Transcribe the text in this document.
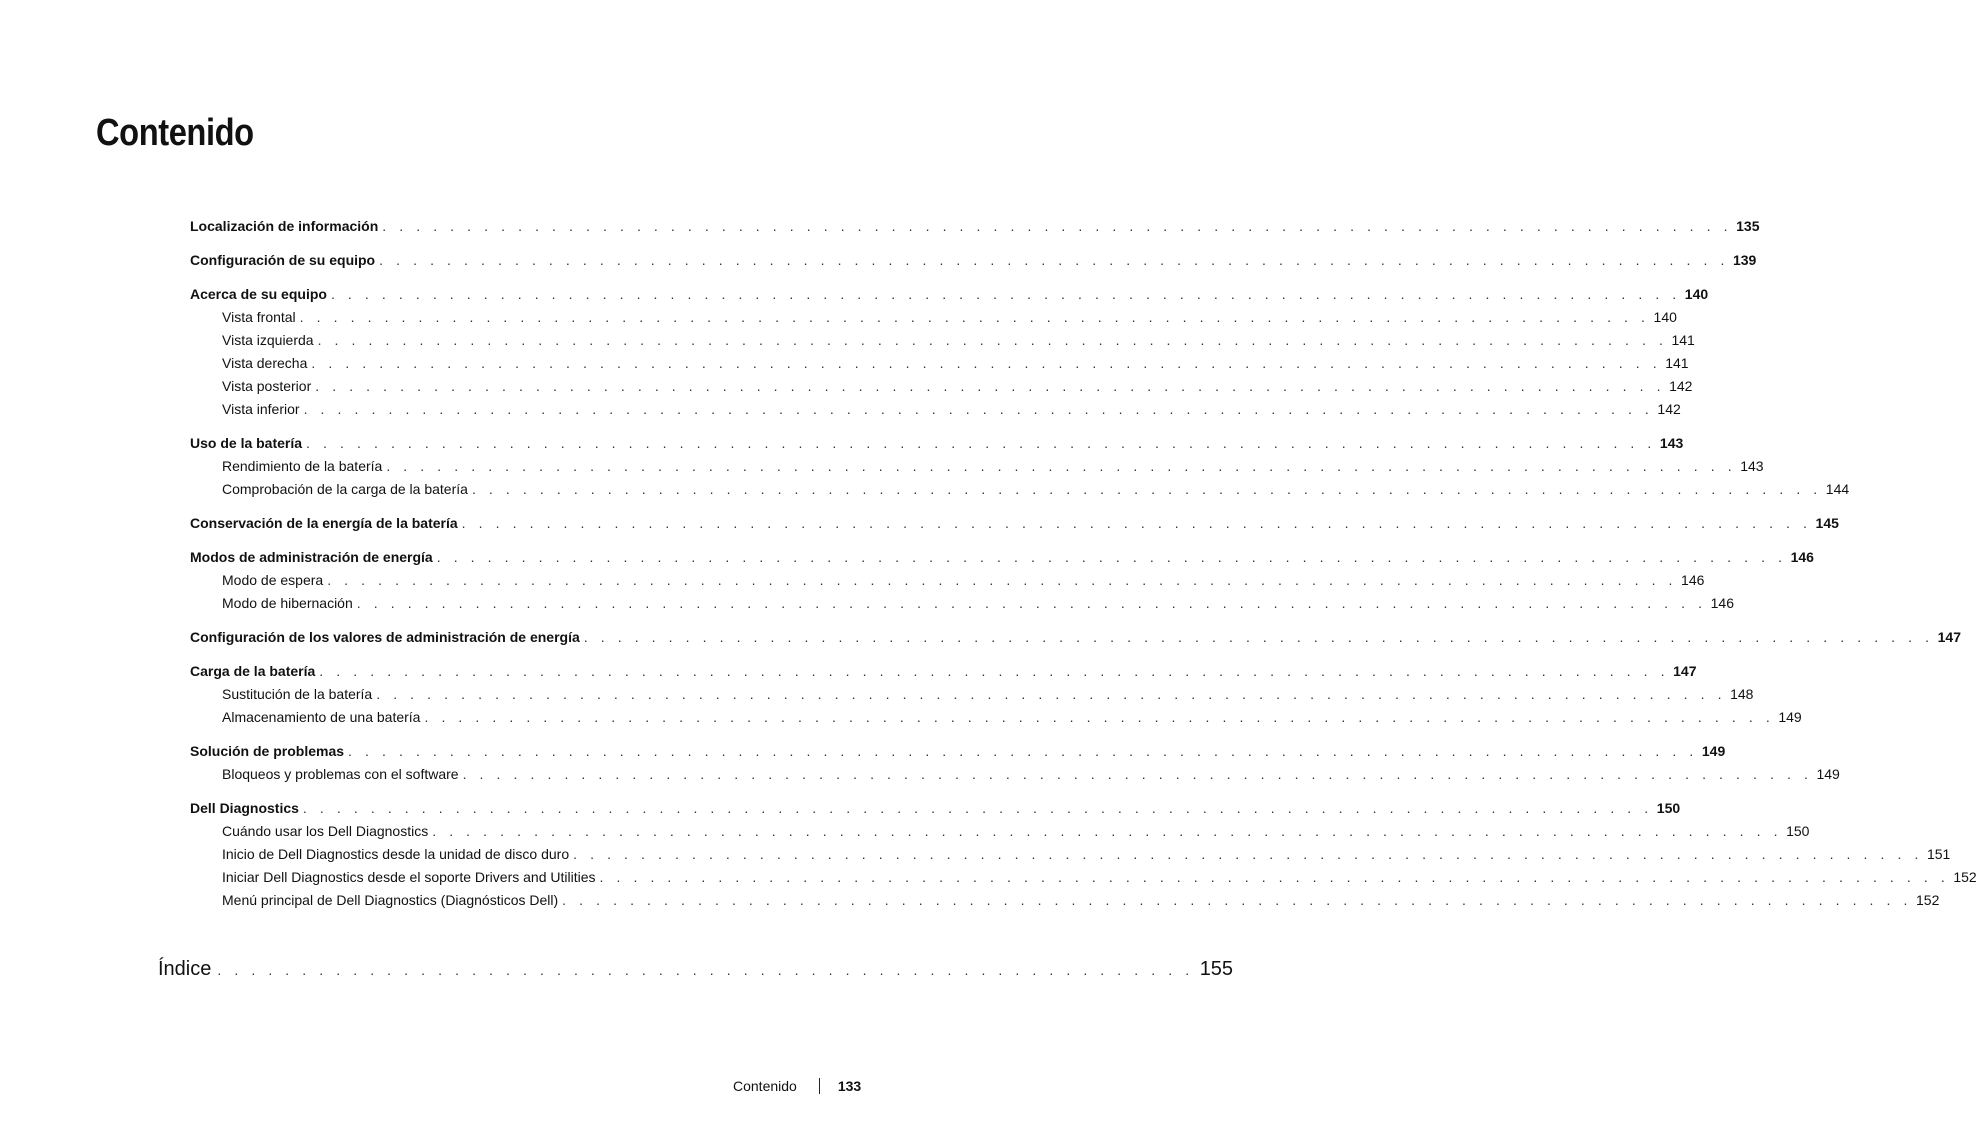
Contenido
Localización de información . . . . . . . . . . . . . . . . . . . . . . . . . . . . . . . . . . . . . . . . . . . . . . . . . . . . . . . . . . . . . . . . . . . . . . . . . . . . . . . . 135
Configuración de su equipo . . . . . . . . . . . . . . . . . . . . . . . . . . . . . . . . . . . . . . . . . . . . . . . . . . . . . . . . . . . . . . . . . . . . . . . . . . . . . . . . 139
Acerca de su equipo . . . . . . . . . . . . . . . . . . . . . . . . . . . . . . . . . . . . . . . . . . . . . . . . . . . . . . . . . . . . . . . . . . . . . . . . . . . . . . . . 140
Vista frontal . . . . . . . . . . . . . . . . . . . . . . . . . . . . . . . . . . . . . . . . . . . . . . . . . . . . . . . . . . . . . . . . . . . . . . . . . . . . . . . . 140
Vista izquierda . . . . . . . . . . . . . . . . . . . . . . . . . . . . . . . . . . . . . . . . . . . . . . . . . . . . . . . . . . . . . . . . . . . . . . . . . . . . . . . . 141
Vista derecha . . . . . . . . . . . . . . . . . . . . . . . . . . . . . . . . . . . . . . . . . . . . . . . . . . . . . . . . . . . . . . . . . . . . . . . . . . . . . . . . 141
Vista posterior . . . . . . . . . . . . . . . . . . . . . . . . . . . . . . . . . . . . . . . . . . . . . . . . . . . . . . . . . . . . . . . . . . . . . . . . . . . . . . . . 142
Vista inferior . . . . . . . . . . . . . . . . . . . . . . . . . . . . . . . . . . . . . . . . . . . . . . . . . . . . . . . . . . . . . . . . . . . . . . . . . . . . . . . . 142
Uso de la batería . . . . . . . . . . . . . . . . . . . . . . . . . . . . . . . . . . . . . . . . . . . . . . . . . . . . . . . . . . . . . . . . . . . . . . . . . . . . . . . . 143
Rendimiento de la batería . . . . . . . . . . . . . . . . . . . . . . . . . . . . . . . . . . . . . . . . . . . . . . . . . . . . . . . . . . . . . . . . . . . . . . . . . . . . . . . . 143
Comprobación de la carga de la batería . . . . . . . . . . . . . . . . . . . . . . . . . . . . . . . . . . . . . . . . . . . . . . . . . . . . . . . . . . . . . . . . . . . . . . . . . . . . . . . . 144
Conservación de la energía de la batería . . . . . . . . . . . . . . . . . . . . . . . . . . . . . . . . . . . . . . . . . . . . . . . . . . . . . . . . . . . . . . . . . . . . . . . . . . . . . . . . 145
Modos de administración de energía . . . . . . . . . . . . . . . . . . . . . . . . . . . . . . . . . . . . . . . . . . . . . . . . . . . . . . . . . . . . . . . . . . . . . . . . . . . . . . . . 146
Modo de espera . . . . . . . . . . . . . . . . . . . . . . . . . . . . . . . . . . . . . . . . . . . . . . . . . . . . . . . . . . . . . . . . . . . . . . . . . . . . . . . . 146
Modo de hibernación . . . . . . . . . . . . . . . . . . . . . . . . . . . . . . . . . . . . . . . . . . . . . . . . . . . . . . . . . . . . . . . . . . . . . . . . . . . . . . . . 146
Configuración de los valores de administración de energía . . . . . . . . . . . . . . . . . . . . . . . . . . . . . . . . . . . . . . . . . . . . . . . . . . . . . . . . . . . . . . . . . . . . . . . . . . . . . . . . 147
Carga de la batería . . . . . . . . . . . . . . . . . . . . . . . . . . . . . . . . . . . . . . . . . . . . . . . . . . . . . . . . . . . . . . . . . . . . . . . . . . . . . . . . 147
Sustitución de la batería . . . . . . . . . . . . . . . . . . . . . . . . . . . . . . . . . . . . . . . . . . . . . . . . . . . . . . . . . . . . . . . . . . . . . . . . . . . . . . . . 148
Almacenamiento de una batería . . . . . . . . . . . . . . . . . . . . . . . . . . . . . . . . . . . . . . . . . . . . . . . . . . . . . . . . . . . . . . . . . . . . . . . . . . . . . . . . 149
Solución de problemas . . . . . . . . . . . . . . . . . . . . . . . . . . . . . . . . . . . . . . . . . . . . . . . . . . . . . . . . . . . . . . . . . . . . . . . . . . . . . . . . 149
Bloqueos y problemas con el software . . . . . . . . . . . . . . . . . . . . . . . . . . . . . . . . . . . . . . . . . . . . . . . . . . . . . . . . . . . . . . . . . . . . . . . . . . . . . . . . 149
Dell Diagnostics . . . . . . . . . . . . . . . . . . . . . . . . . . . . . . . . . . . . . . . . . . . . . . . . . . . . . . . . . . . . . . . . . . . . . . . . . . . . . . . . 150
Cuándo usar los Dell Diagnostics . . . . . . . . . . . . . . . . . . . . . . . . . . . . . . . . . . . . . . . . . . . . . . . . . . . . . . . . . . . . . . . . . . . . . . . . . . . . . . . . 150
Inicio de Dell Diagnostics desde la unidad de disco duro . . . . . . . . . . . . . . . . . . . . . . . . . . . . . . . . . . . . . . . . . . . . . . . . . . . . . . . . . . . . . . . . . . . . . . . . . . . . . . . . 151
Iniciar Dell Diagnostics desde el soporte Drivers and Utilities . . . . . . . . . . . . . . . . . . . . . . . . . . . . . . . . . . . . . . . . . . . . . . . . . . . . . . . . . . . . . . . . . . . . . . . . . . . . . . . . 152
Menú principal de Dell Diagnostics (Diagnósticos Dell) . . . . . . . . . . . . . . . . . . . . . . . . . . . . . . . . . . . . . . . . . . . . . . . . . . . . . . . . . . . . . . . . . . . . . . . . . . . . . . . . 152
Índice . . . . . . . . . . . . . . . . . . . . . . . . . . . . . . . . . . . . . . . . . . . . . . . . . . . . . . . . . . 155
Contenido	133
